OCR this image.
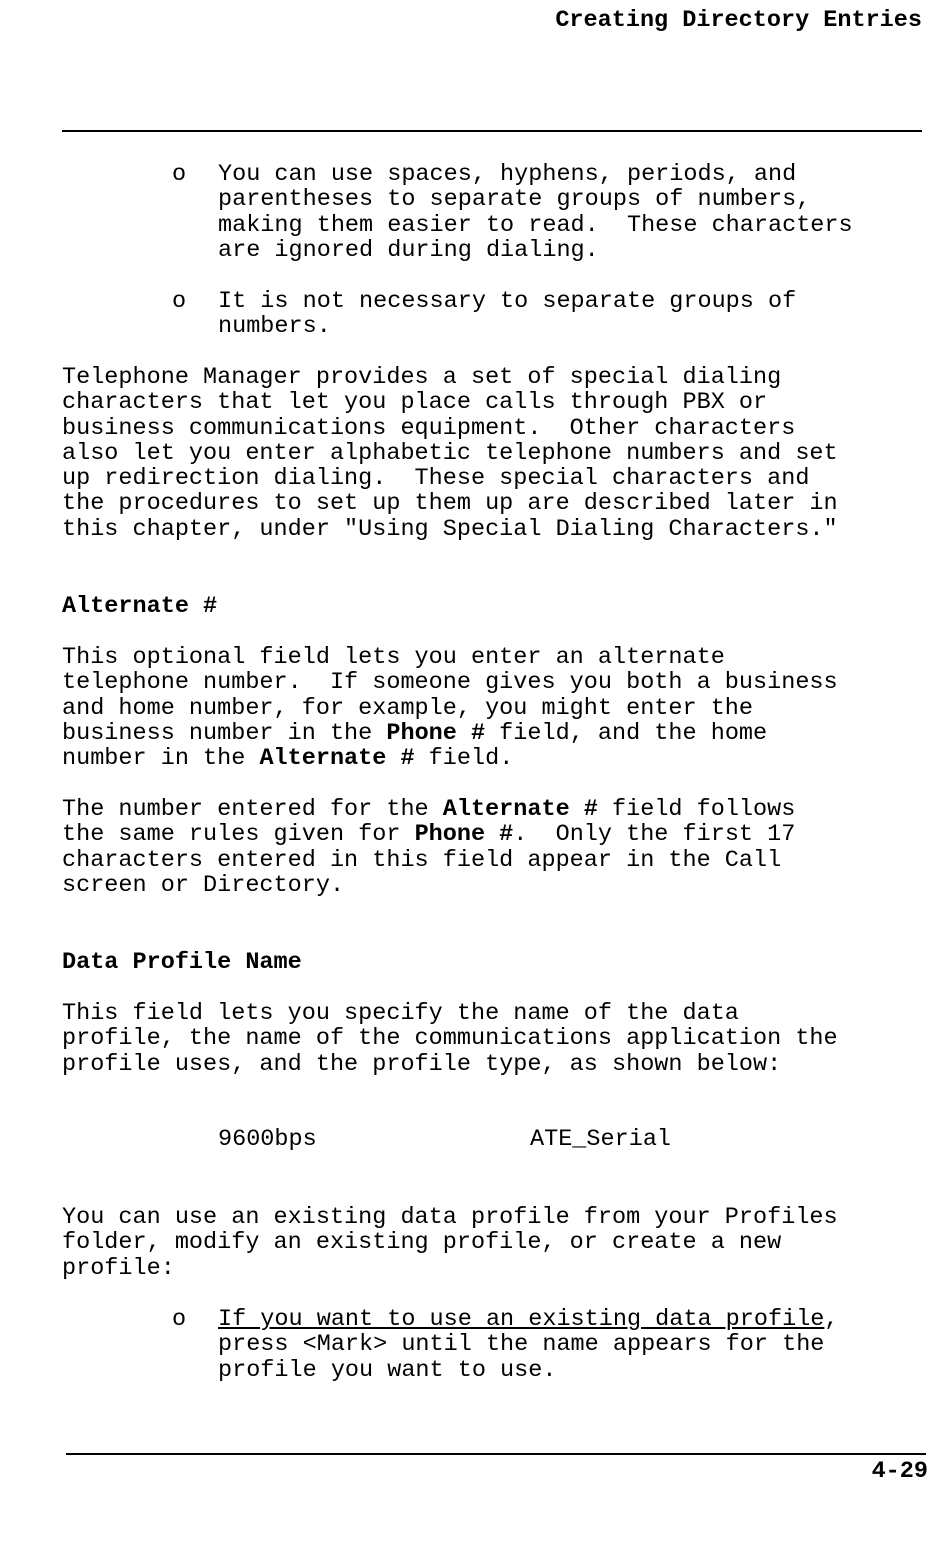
Creating Directory Entries
o You can use spaces, hyphens, periods, and
parentheses to separate groups of numbers,
making them easier to read.  These characters
are ignored during dialing.
o It is not necessary to separate groups of
numbers.
Telephone Manager provides a set of special dialing
characters that let you place calls through PBX or
business communications equipment.  Other characters
also let you enter alphabetic telephone numbers and set
up redirection dialing.  These special characters and
the procedures to set up them up are described later in
this chapter, under "Using Special Dialing Characters."
Alternate #
This optional field lets you enter an alternate
telephone number.  If someone gives you both a business
and home number, for example, you might enter the
business number in the Phone # field, and the home
number in the Alternate # field.
The number entered for the Alternate # field follows
the same rules given for Phone #.  Only the first 17
characters entered in this field appear in the Call
screen or Directory.
Data Profile Name
This field lets you specify the name of the data
profile, the name of the communications application the
profile uses, and the profile type, as shown below:
9600bps	ATE_Serial
You can use an existing data profile from your Profiles
folder, modify an existing profile, or create a new
profile:
o If you want to use an existing data profile,
press <Mark> until the name appears for the
profile you want to use.
4-29
